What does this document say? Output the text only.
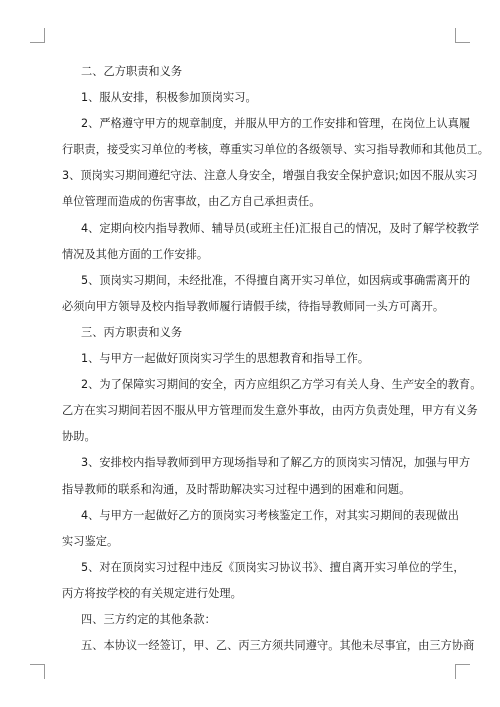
二、乙方职责和义务
1、服从安排，积极参加顶岗实习。
2、严格遵守甲方的规章制度，并服从甲方的工作安排和管理，在岗位上认真履
行职责，接受实习单位的考核，尊重实习单位的各级领导、实习指导教师和其他员工。
3、顶岗实习期间遵纪守法、注意人身安全，增强自我安全保护意识;如因不服从实习
单位管理而造成的伤害事故，由乙方自己承担责任。
4、定期向校内指导教师、辅导员(或班主任)汇报自己的情况，及时了解学校教学
情况及其他方面的工作安排。
5、顶岗实习期间，未经批准，不得擅自离开实习单位，如因病或事确需离开的
必须向甲方领导及校内指导教师履行请假手续，待指导教师同一头方可离开。
三、丙方职责和义务
1、与甲方一起做好顶岗实习学生的思想教育和指导工作。
2、为了保障实习期间的安全，丙方应组织乙方学习有关人身、生产安全的教育。
乙方在实习期间若因不服从甲方管理而发生意外事故，由丙方负责处理，甲方有义务
协助。
3、安排校内指导教师到甲方现场指导和了解乙方的顶岗实习情况，加强与甲方
指导教师的联系和沟通，及时帮助解决实习过程中遇到的困难和问题。
4、与甲方一起做好乙方的顶岗实习考核鉴定工作，对其实习期间的表现做出
实习鉴定。
5、对在顶岗实习过程中违反《顶岗实习协议书》、擅自离开实习单位的学生，
丙方将按学校的有关规定进行处理。
四、三方约定的其他条款：
五、本协议一经签订，甲、乙、丙三方须共同遵守。其他未尽事宜，由三方协商
